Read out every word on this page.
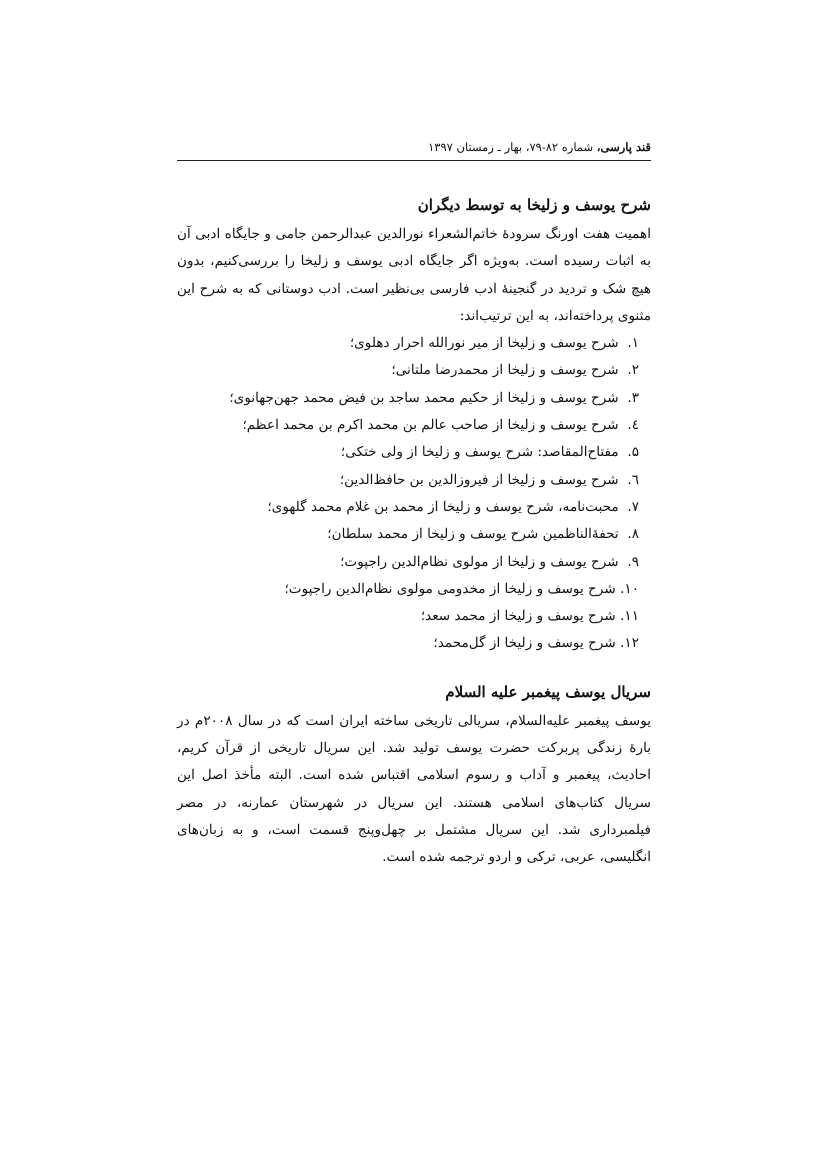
قند پارسی، شماره ۸۲-۷۹، بهار ـ زمستان ۱۳۹۷
شرح یوسف و زلیخا به توسط دیگران

اهمیت هفت اورنگ سرودۀ خاتم‌الشعراء نورالدین عبدالرحمن جامی و جایگاه ادبی آن به اثبات رسیده است. به‌ویژه اگر جایگاه ادبی یوسف و زلیخا را بررسی‌کنیم، بدون هیچ شک و تردید در گنجینۀ ادب فارسی بی‌نظیر است. ادب دوستانی که به شرح این مثنوی پرداخته‌اند، به این ترتیب‌اند:

۱. شرح یوسف و زلیخا از میر نورالله احرار دهلوی؛
۲. شرح یوسف و زلیخا از محمدرضا ملتانی؛
۳. شرح یوسف و زلیخا از حکیم محمد ساجد بن فیض محمد جهن‌جهانوی؛
٤. شرح یوسف و زلیخا از صاحب عالم بن محمد اکرم بن محمد اعظم؛
۵. مفتاح‌المقاصد: شرح یوسف و زلیخا از ولی ختکی؛
٦. شرح یوسف و زلیخا از فیروزالدین بن حافظ‌الدین؛
۷. محبت‌نامه، شرح یوسف و زلیخا از محمد بن غلام محمد گلهوی؛
۸. تحفۀالناظمین شرح یوسف و زلیخا از محمد سلطان؛
۹. شرح یوسف و زلیخا از مولوی نظام‌الدین راجپوت؛
۱۰. شرح یوسف و زلیخا از مخدومی مولوی نظام‌الدین راجپوت؛
۱۱. شرح یوسف و زلیخا از محمد سعد؛
۱۲. شرح یوسف و زلیخا از گل‌محمد؛
سریال یوسف پیغمبر علیه السلام

یوسف پیغمبر علیه‌السلام، سریالی تاریخی ساخته ایران است که در سال ۲۰۰۸م در بارۀ زندگی پربرکت حضرت یوسف تولید شد. این سریال تاریخی از قرآن کریم، احادیث، پیغمبر و آداب و رسوم اسلامی اقتباس شده است. البته مأخذ اصل این سریال کتاب‌های اسلامی هستند. این سریال در شهرستان عمارنه، در مصر فیلمبرداری شد. این سریال مشتمل بر چهل‌وپنج قسمت است، و به زبان‌های انگلیسی، عربی، ترکی و اردو ترجمه شده است.
